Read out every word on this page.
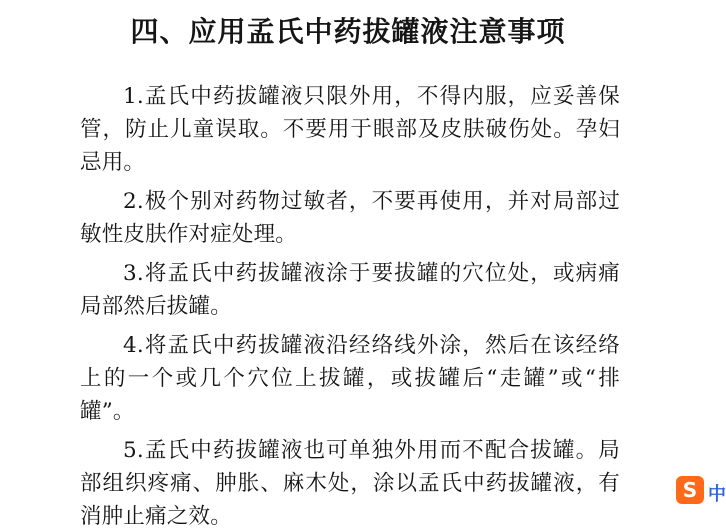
四、应用孟氏中药拔罐液注意事项

1.孟氏中药拔罐液只限外用，不得内服，应妥善保管，防止儿童误取。不要用于眼部及皮肤破伤处。孕妇忌用。

2.极个别对药物过敏者，不要再使用，并对局部过敏性皮肤作对症处理。

3.将孟氏中药拔罐液涂于要拔罐的穴位处，或病痛局部然后拔罐。

4.将孟氏中药拔罐液沿经络线外涂，然后在该经络上的一个或几个穴位上拔罐，或拔罐后“走罐”或“排罐”。

5.孟氏中药拔罐液也可单独外用而不配合拔罐。局部组织疼痛、肿胀、麻木处，涂以孟氏中药拔罐液，有消肿止痛之效。

S 中
